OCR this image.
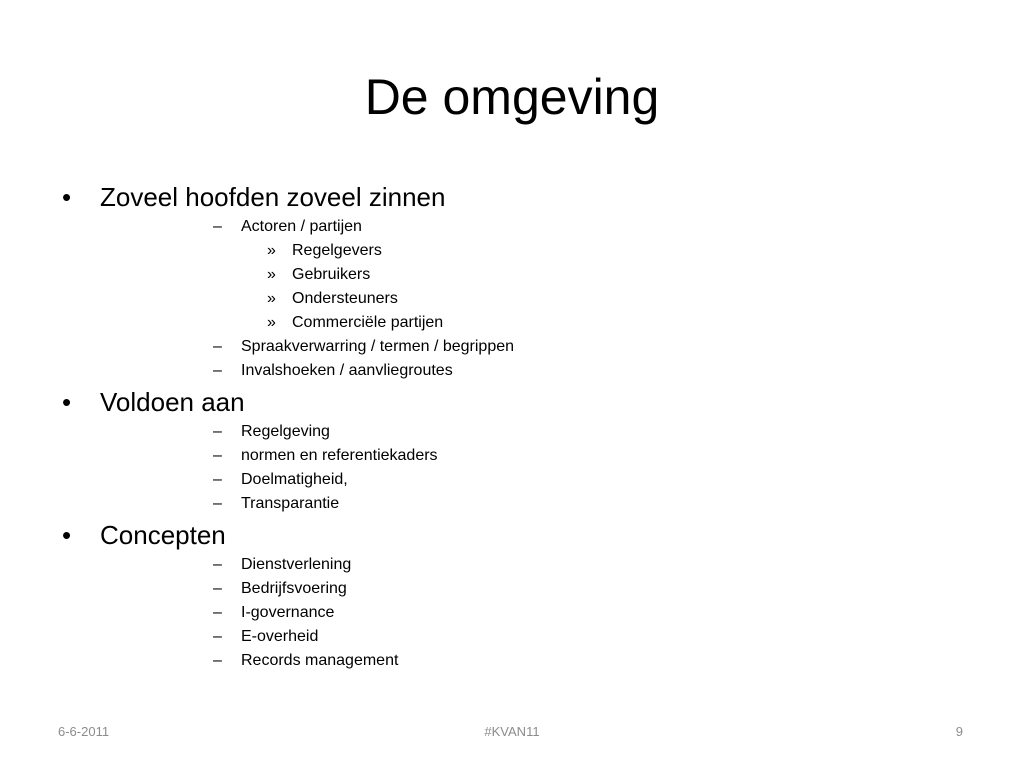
De omgeving
• Zoveel hoofden zoveel zinnen
– Actoren / partijen
» Regelgevers
» Gebruikers
» Ondersteuners
» Commerciële partijen
– Spraakverwarring / termen / begrippen
– Invalshoeken / aanvliegroutes
• Voldoen aan
– Regelgeving
– normen en referentiekaders
– Doelmatigheid,
– Transparantie
• Concepten
– Dienstverlening
– Bedrijfsvoering
– I-governance
– E-overheid
– Records management
6-6-2011	#KVAN11	9
